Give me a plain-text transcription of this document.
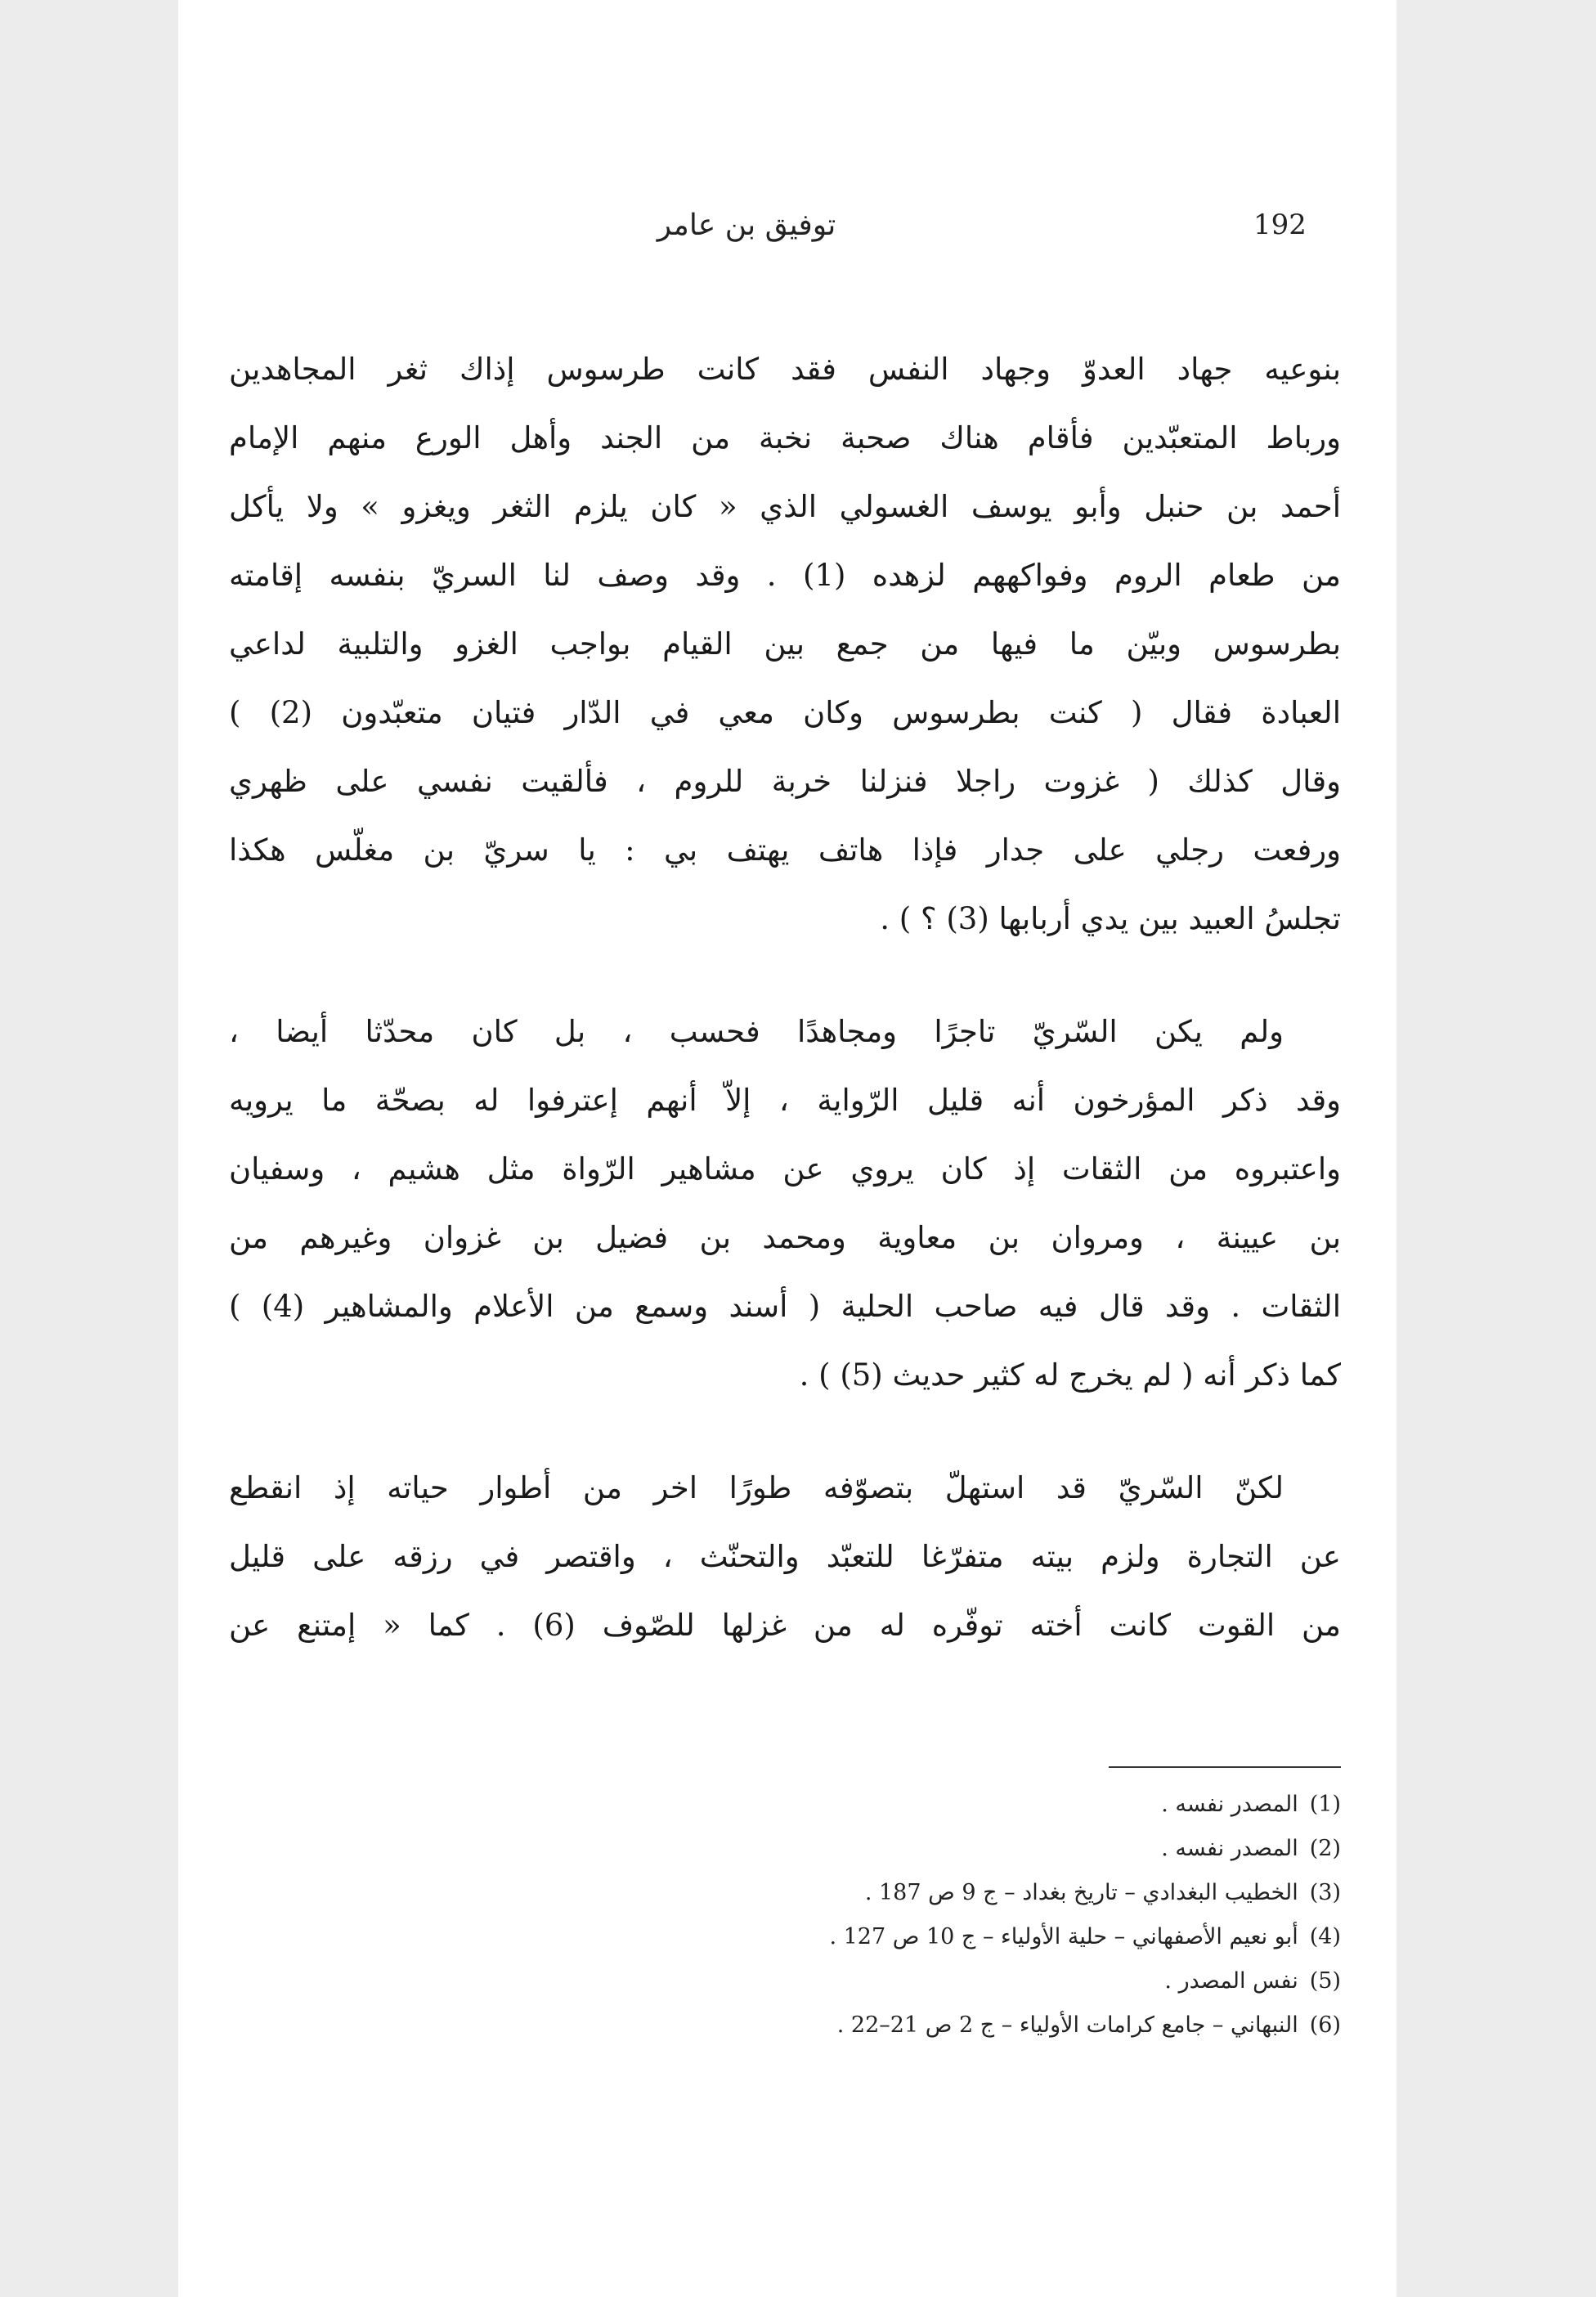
192
توفيق بن عامر
بنوعيه جهاد العدوّ وجهاد النفس فقد كانت طرسوس إذاك ثغر المجاهدين
ورباط المتعبّدين فأقام هناك صحبة نخبة من الجند وأهل الورع منهم الإمام
أحمد بن حنبل وأبو يوسف الغسولي الذي « كان يلزم الثغر ويغزو » ولا يأكل
من طعام الروم وفواكههم لزهده (1) . وقد وصف لنا السريّ بنفسه إقامته
بطرسوس وبيّن ما فيها من جمع بين القيام بواجب الغزو والتلبية لداعي
العبادة فقال ( كنت بطرسوس وكان معي في الدّار فتيان متعبّدون (2) )
وقال كذلك ( غزوت راجلا فنزلنا خربة للروم ، فألقيت نفسي على ظهري
ورفعت رجلي على جدار فإذا هاتف يهتف بي : يا سريّ بن مغلّس هكذا
تجلسُ العبيد بين يدي أربابها (3) ؟ ) .
ولم يكن السّريّ تاجرًا ومجاهدًا فحسب ، بل كان محدّثا أيضا ،
وقد ذكر المؤرخون أنه قليل الرّواية ، إلاّ أنهم إعترفوا له بصحّة ما يرويه
واعتبروه من الثقات إذ كان يروي عن مشاهير الرّواة مثل هشيم ، وسفيان
بن عيينة ، ومروان بن معاوية ومحمد بن فضيل بن غزوان وغيرهم من
الثقات . وقد قال فيه صاحب الحلية ( أسند وسمع من الأعلام والمشاهير (4) )
كما ذكر أنه ( لم يخرج له كثير حديث (5) ) .
لكنّ السّريّ قد استهلّ بتصوّفه طورًا اخر من أطوار حياته إذ انقطع
عن التجارة ولزم بيته متفرّغا للتعبّد والتحنّث ، واقتصر في رزقه على قليل
من القوت كانت أخته توفّره له من غزلها للصّوف (6) . كما « إمتنع عن
(1)المصدر نفسه .
(2)المصدر نفسه .
(3)الخطيب البغدادي – تاريخ بغداد – ج 9 ص 187 .
(4)أبو نعيم الأصفهاني – حلية الأولياء – ج 10 ص 127 .
(5)نفس المصدر .
(6)النبهاني – جامع كرامات الأولياء – ج 2 ص 21–22 .
